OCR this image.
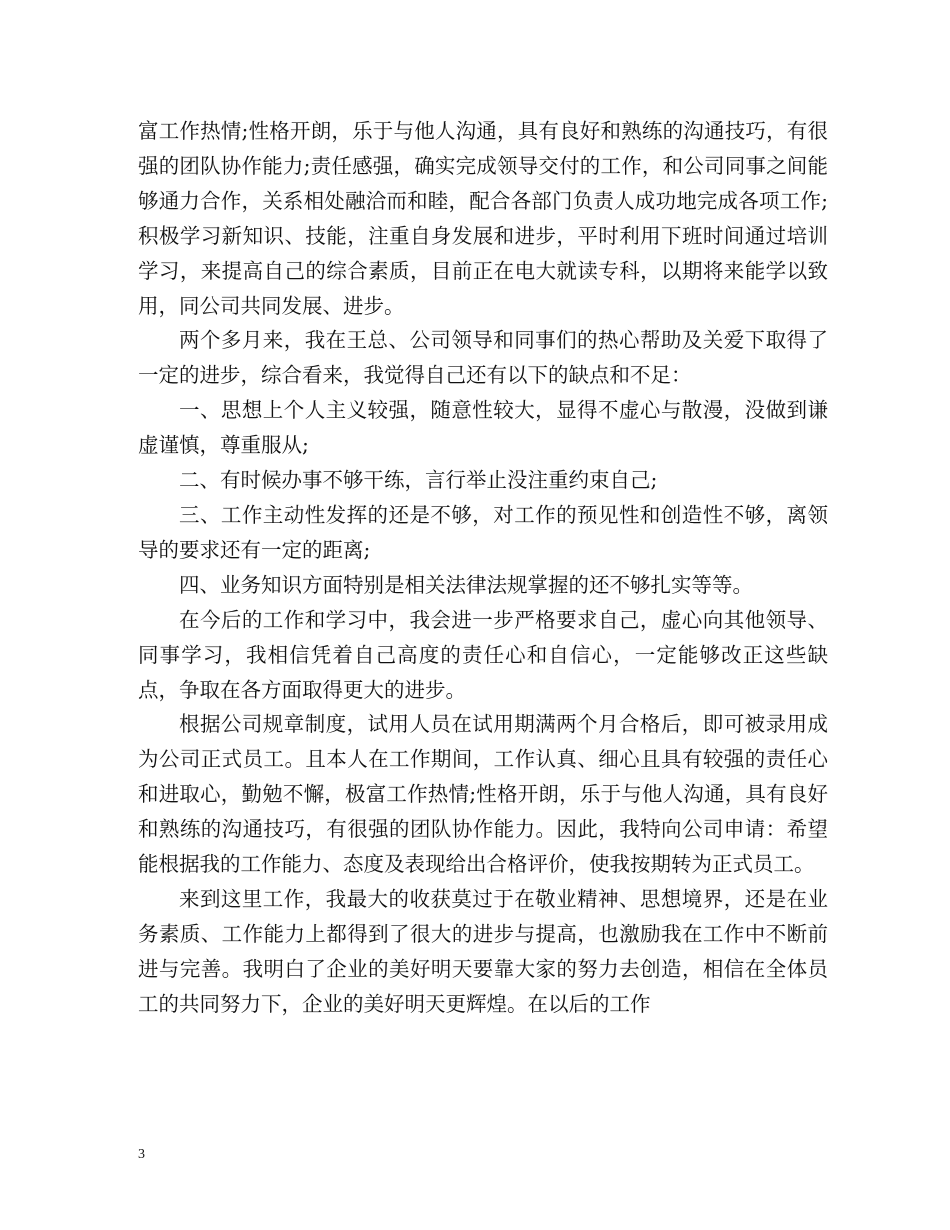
富工作热情;性格开朗，乐于与他人沟通，具有良好和熟练的沟通技巧，有很强的团队协作能力;责任感强，确实完成领导交付的工作，和公司同事之间能够通力合作，关系相处融洽而和睦，配合各部门负责人成功地完成各项工作;积极学习新知识、技能，注重自身发展和进步，平时利用下班时间通过培训学习，来提高自己的综合素质，目前正在电大就读专科，以期将来能学以致用，同公司共同发展、进步。

两个多月来，我在王总、公司领导和同事们的热心帮助及关爱下取得了一定的进步，综合看来，我觉得自己还有以下的缺点和不足：

一、思想上个人主义较强，随意性较大，显得不虚心与散漫，没做到谦虚谨慎，尊重服从;

二、有时候办事不够干练，言行举止没注重约束自己;

三、工作主动性发挥的还是不够，对工作的预见性和创造性不够，离领导的要求还有一定的距离;

四、业务知识方面特别是相关法律法规掌握的还不够扎实等等。

在今后的工作和学习中，我会进一步严格要求自己，虚心向其他领导、同事学习，我相信凭着自己高度的责任心和自信心，一定能够改正这些缺点，争取在各方面取得更大的进步。

根据公司规章制度，试用人员在试用期满两个月合格后，即可被录用成为公司正式员工。且本人在工作期间，工作认真、细心且具有较强的责任心和进取心，勤勉不懈，极富工作热情;性格开朗，乐于与他人沟通，具有良好和熟练的沟通技巧，有很强的团队协作能力。因此，我特向公司申请：希望能根据我的工作能力、态度及表现给出合格评价，使我按期转为正式员工。

来到这里工作，我最大的收获莫过于在敬业精神、思想境界，还是在业务素质、工作能力上都得到了很大的进步与提高，也激励我在工作中不断前进与完善。我明白了企业的美好明天要靠大家的努力去创造，相信在全体员工的共同努力下，企业的美好明天更辉煌。在以后的工作

3
